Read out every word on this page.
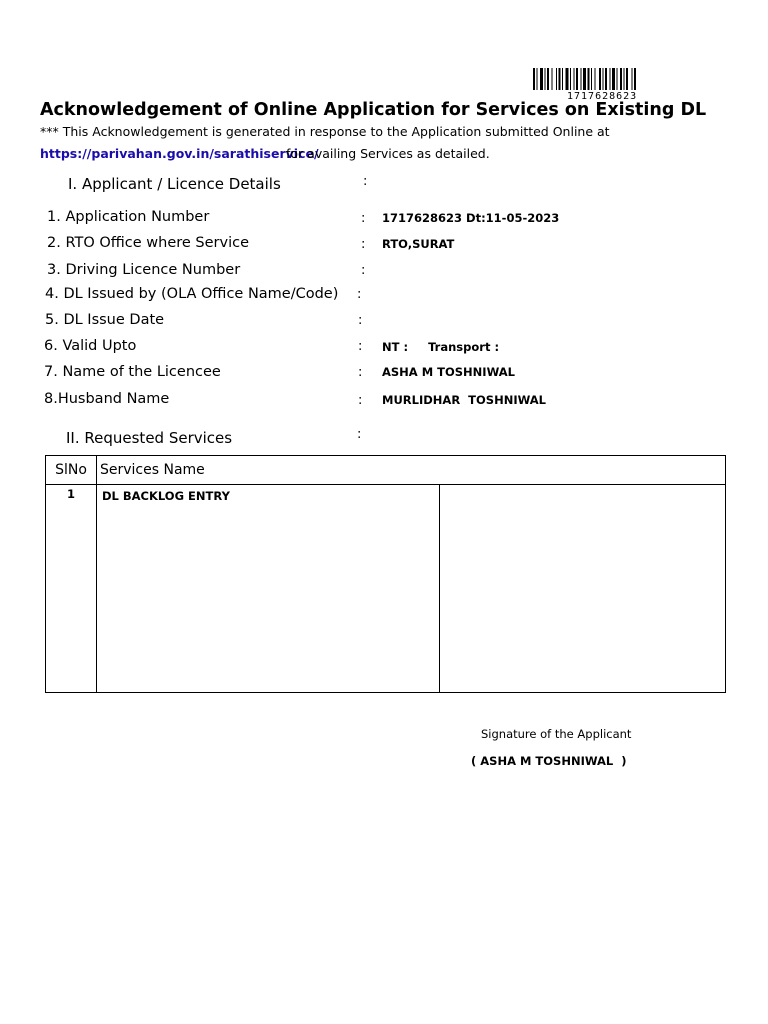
1717628623
Acknowledgement of Online Application for Services on Existing DL
*** This Acknowledgement is generated in response to the Application submitted Online at
https://parivahan.gov.in/sarathiservice/
for availing Services as detailed.
I. Applicant / Licence Details	:
1. Application Number	: 1717628623 Dt:11-05-2023
2. RTO Office where Service	: RTO,SURAT
3. Driving Licence Number	:
4. DL Issued by (OLA Office Name/Code) :
5. DL Issue Date	:
6. Valid Upto	: NT :     Transport :
7. Name of the Licencee	: ASHA M TOSHNIWAL
8.Husband Name	: MURLIDHAR  TOSHNIWAL
II. Requested Services	:
SlNo	Services Name	
1	DL BACKLOG ENTRY	
Signature of the Applicant
( ASHA M TOSHNIWAL  )
